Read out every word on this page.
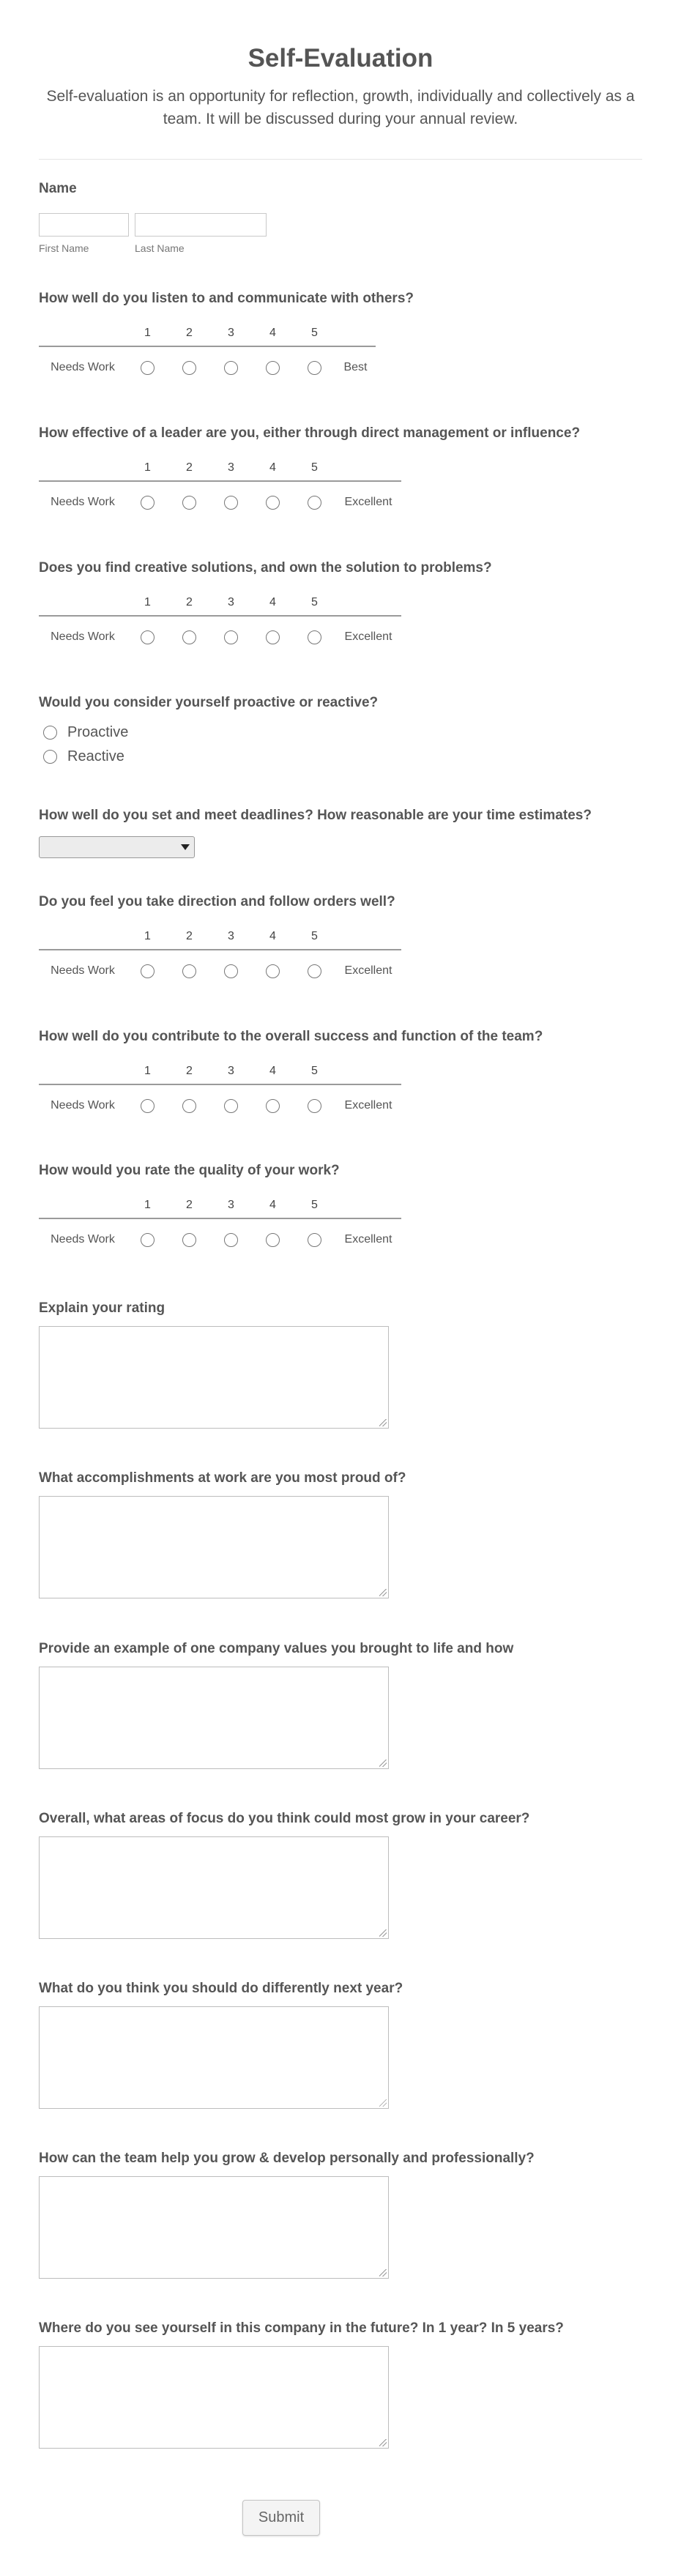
Self-Evaluation

Self-evaluation is an opportunity for reflection, growth, individually and collectively as a team. It will be discussed during your annual review.

Name

First Name	Last Name

How well do you listen to and communicate with others?

	1	2	3	4	5	
Needs Work						Best

How effective of a leader are you, either through direct management or influence?

	1	2	3	4	5	
Needs Work						Excellent

Does you find creative solutions, and own the solution to problems?

	1	2	3	4	5	
Needs Work						Excellent

Would you consider yourself proactive or reactive?

Proactive
Reactive

How well do you set and meet deadlines? How reasonable are your time estimates?

Do you feel you take direction and follow orders well?

	1	2	3	4	5	
Needs Work						Excellent

How well do you contribute to the overall success and function of the team?

	1	2	3	4	5	
Needs Work						Excellent

How would you rate the quality of your work?

	1	2	3	4	5	
Needs Work						Excellent

Explain your rating

What accomplishments at work are you most proud of?

Provide an example of one company values you brought to life and how

Overall, what areas of focus do you think could most grow in your career?

What do you think you should do differently next year?

How can the team help you grow & develop personally and professionally?

Where do you see yourself in this company in the future? In 1 year? In 5 years?

Submit
